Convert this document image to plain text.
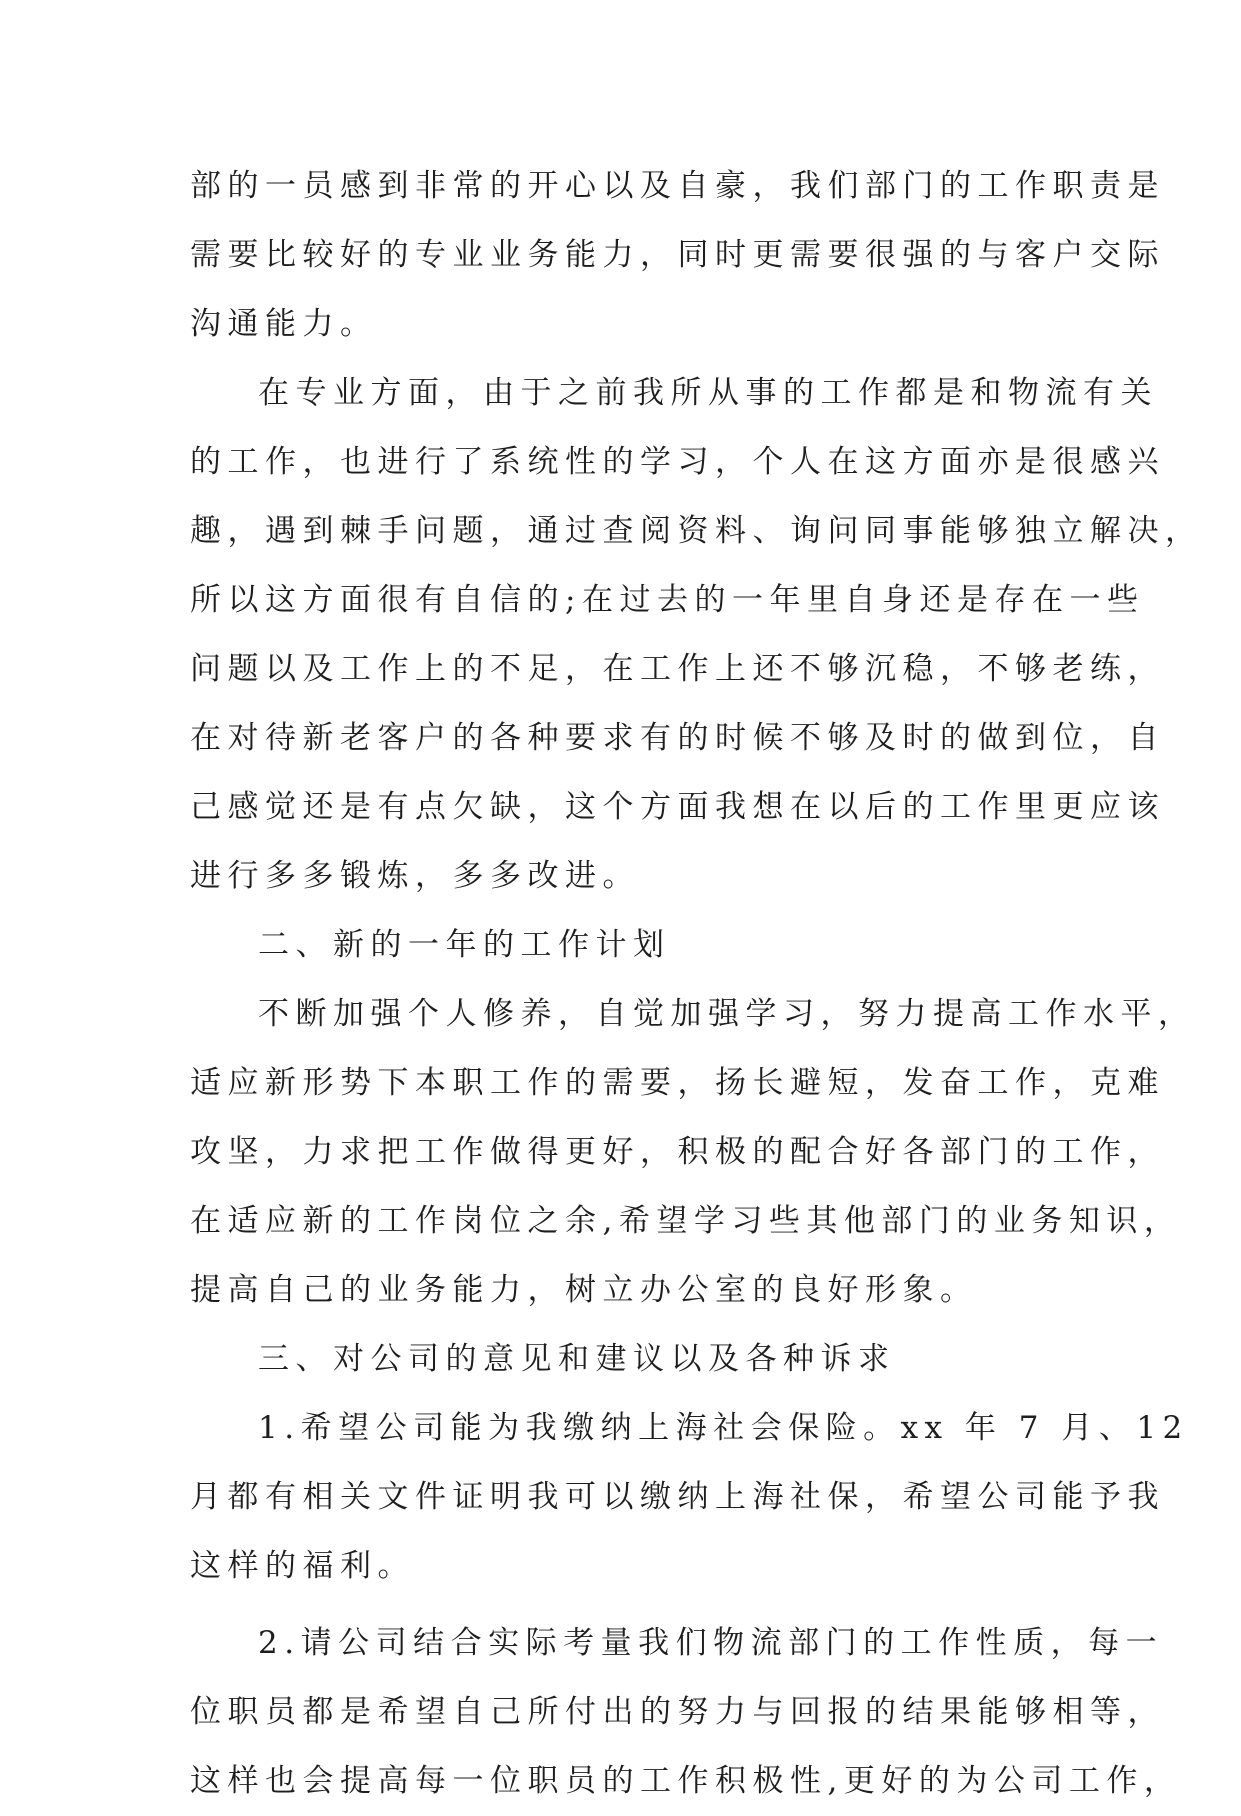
部的一员感到非常的开心以及自豪，我们部门的工作职责是
需要比较好的专业业务能力，同时更需要很强的与客户交际
沟通能力。
在专业方面，由于之前我所从事的工作都是和物流有关
的工作，也进行了系统性的学习，个人在这方面亦是很感兴
趣，遇到棘手问题，通过查阅资料、询问同事能够独立解决，
所以这方面很有自信的;在过去的一年里自身还是存在一些
问题以及工作上的不足，在工作上还不够沉稳，不够老练，
在对待新老客户的各种要求有的时候不够及时的做到位，自
己感觉还是有点欠缺，这个方面我想在以后的工作里更应该
进行多多锻炼，多多改进。
二、新的一年的工作计划
不断加强个人修养，自觉加强学习，努力提高工作水平，
适应新形势下本职工作的需要，扬长避短，发奋工作，克难
攻坚，力求把工作做得更好，积极的配合好各部门的工作，
在适应新的工作岗位之余,希望学习些其他部门的业务知识，
提高自己的业务能力，树立办公室的良好形象。
三、对公司的意见和建议以及各种诉求
1.希望公司能为我缴纳上海社会保险。xx 年 7 月、12
月都有相关文件证明我可以缴纳上海社保，希望公司能予我
这样的福利。
2.请公司结合实际考量我们物流部门的工作性质，每一
位职员都是希望自己所付出的努力与回报的结果能够相等，
这样也会提高每一位职员的工作积极性,更好的为公司工作，
